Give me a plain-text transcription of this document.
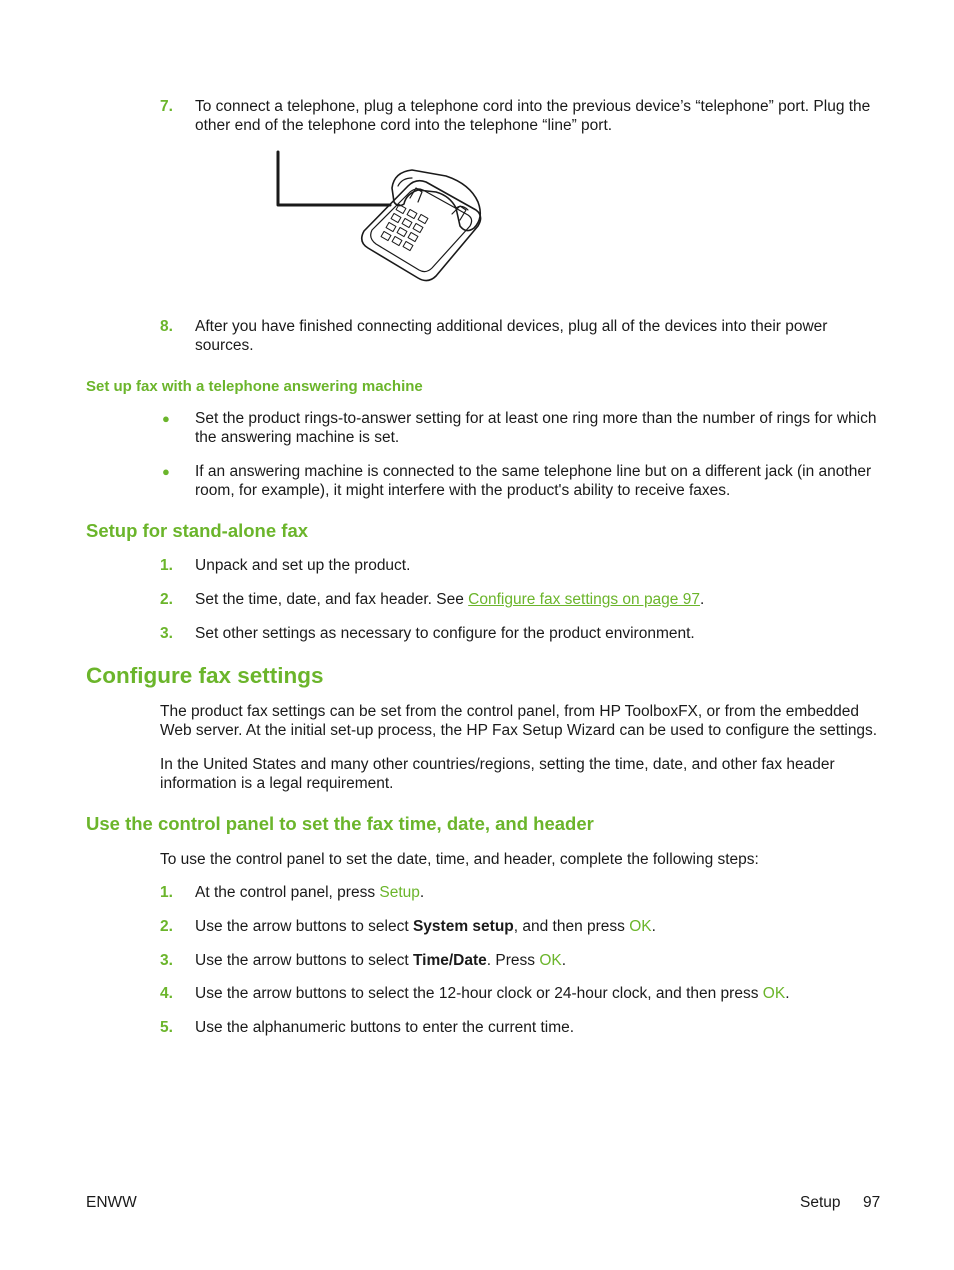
7. To connect a telephone, plug a telephone cord into the previous device’s “telephone” port. Plug the other end of the telephone cord into the telephone “line” port.
8. After you have finished connecting additional devices, plug all of the devices into their power sources.
Set up fax with a telephone answering machine
● Set the product rings-to-answer setting for at least one ring more than the number of rings for which the answering machine is set.
● If an answering machine is connected to the same telephone line but on a different jack (in another room, for example), it might interfere with the product's ability to receive faxes.
Setup for stand-alone fax
1. Unpack and set up the product.
2. Set the time, date, and fax header. See Configure fax settings on page 97.
3. Set other settings as necessary to configure for the product environment.
Configure fax settings
The product fax settings can be set from the control panel, from HP ToolboxFX, or from the embedded Web server. At the initial set-up process, the HP Fax Setup Wizard can be used to configure the settings.
In the United States and many other countries/regions, setting the time, date, and other fax header information is a legal requirement.
Use the control panel to set the fax time, date, and header
To use the control panel to set the date, time, and header, complete the following steps:
1. At the control panel, press Setup.
2. Use the arrow buttons to select System setup, and then press OK.
3. Use the arrow buttons to select Time/Date. Press OK.
4. Use the arrow buttons to select the 12-hour clock or 24-hour clock, and then press OK.
5. Use the alphanumeric buttons to enter the current time.
ENWW	Setup 97
